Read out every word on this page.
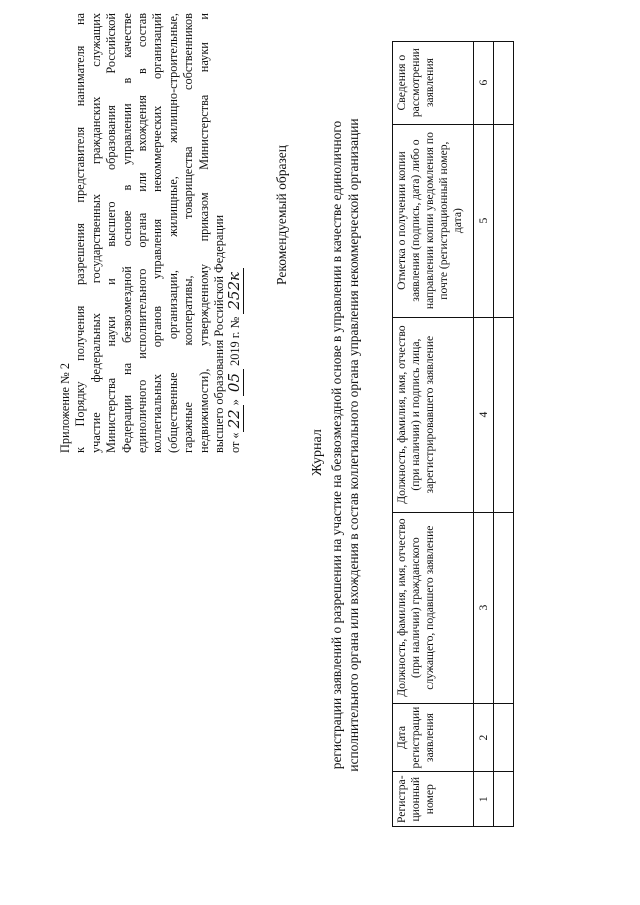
Приложение № 2 к Порядку получения разрешения представителя нанимателя на участие федеральных государственных гражданских служащих Министерства науки и высшего образования Российской Федерации на безвозмездной основе в управлении в качестве единоличного исполнительного органа или вхождения в состав коллегиальных органов управления некоммерческих организаций (общественные организации, жилищные, жилищно-строительные, гаражные кооперативы, товарищества собственников недвижимости), утвержденному приказом Министерства науки и высшего образования Российской Федерации от «22» 05 2019 г. № 252к
Рекомендуемый образец
Журнал регистрации заявлений о разрешении на участие на безвозмездной основе в управлении в качестве единоличного исполнительного органа или вхождения в состав коллегиального органа управления некоммерческой организации
Регистра-ционный номер	Дата регистрации заявления	Должность, фамилия, имя, отчество (при наличии) гражданского служащего, подавшего заявление	Должность, фамилия, имя, отчество (при наличии) и подпись лица, зарегистрировавшего заявление	Отметка о получении копии заявления (подпись, дата) либо о направлении копии уведомления по почте (регистрационный номер, дата)	Сведения о рассмотрении заявления
1	2	3	4	5	6
